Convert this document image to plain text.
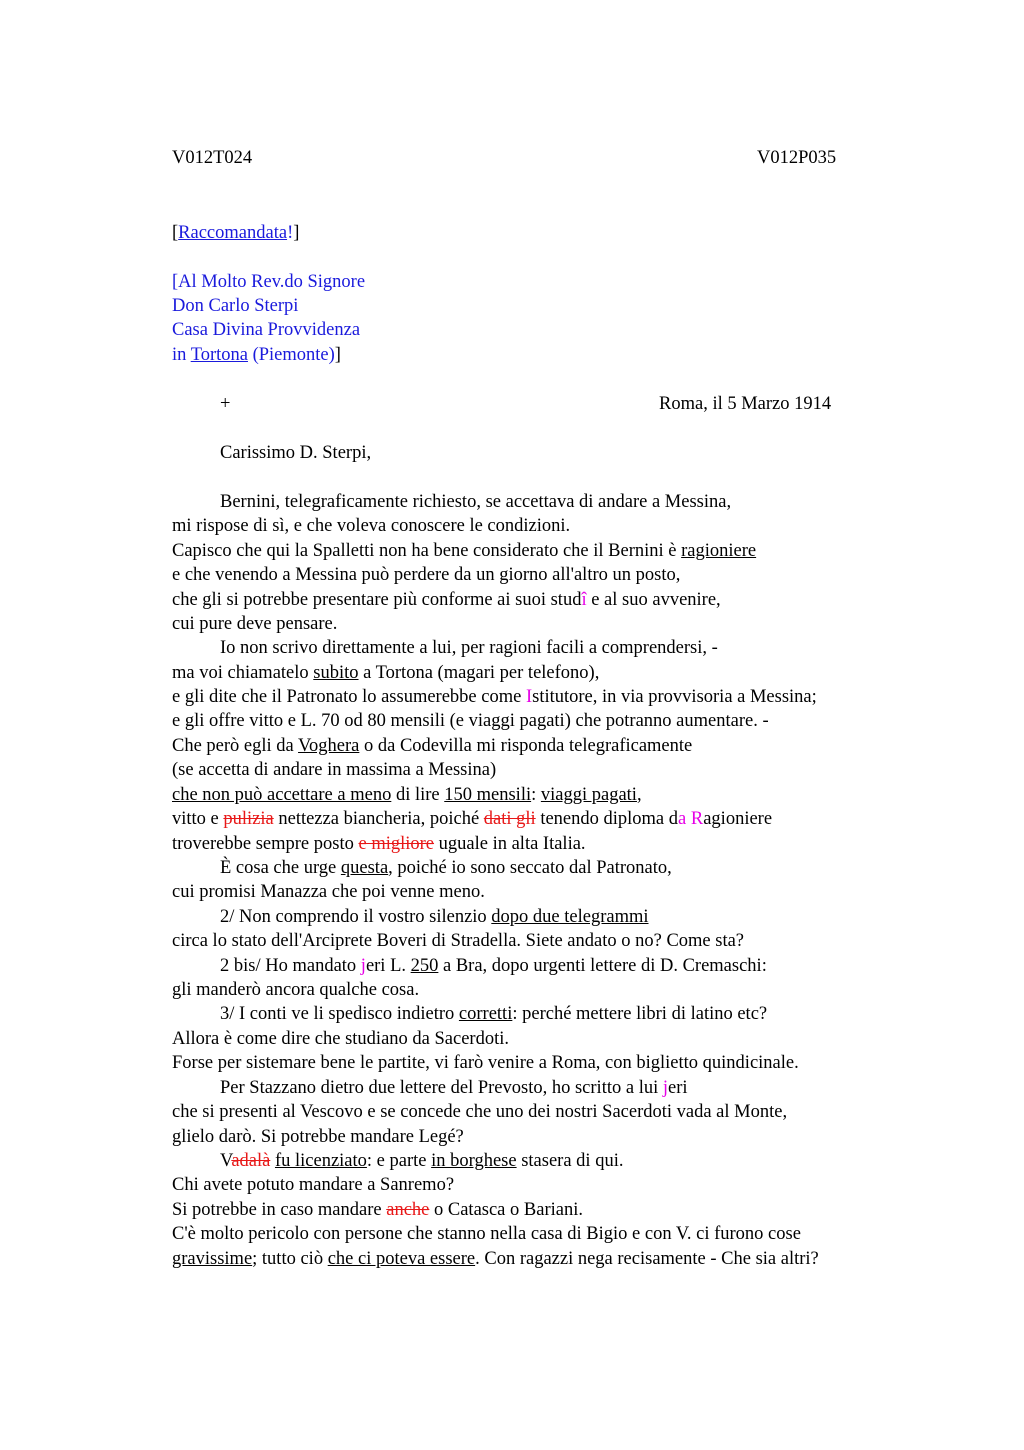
V012T024	V012P035
[Raccomandata!]
[Al Molto Rev.do Signore
Don Carlo Sterpi
Casa Divina Provvidenza
in Tortona (Piemonte)]
+	Roma, il 5 Marzo 1914
Carissimo D. Sterpi,
Bernini, telegraficamente richiesto, se accettava di andare a Messina,
mi rispose di sì, e che voleva conoscere le condizioni.
Capisco che qui la Spalletti non ha bene considerato che il Bernini è ragioniere
e che venendo a Messina può perdere da un giorno all'altro un posto,
che gli si potrebbe presentare più conforme ai suoi studî e al suo avvenire,
cui pure deve pensare.
Io non scrivo direttamente a lui, per ragioni facili a comprendersi, -
ma voi chiamatelo subito a Tortona (magari per telefono),
e gli dite che il Patronato lo assumerebbe come Istitutore, in via provvisoria a Messina;
e gli offre vitto e L. 70 od 80 mensili (e viaggi pagati) che potranno aumentare. -
Che però egli da Voghera o da Codevilla mi risponda telegraficamente
(se accetta di andare in massima a Messina)
che non può accettare a meno di lire 150 mensili: viaggi pagati,
vitto e pulizia nettezza biancheria, poiché dati gli tenendo diploma da Ragioniere
troverebbe sempre posto e migliore uguale in alta Italia.
È cosa che urge questa, poiché io sono seccato dal Patronato,
cui promisi Manazza che poi venne meno.
2/ Non comprendo il vostro silenzio dopo due telegrammi
circa lo stato dell'Arciprete Boveri di Stradella. Siete andato o no? Come sta?
2 bis/ Ho mandato jeri L. 250 a Bra, dopo urgenti lettere di D. Cremaschi:
gli manderò ancora qualche cosa.
3/ I conti ve li spedisco indietro corretti: perché mettere libri di latino etc?
Allora è come dire che studiano da Sacerdoti.
Forse per sistemare bene le partite, vi farò venire a Roma, con biglietto quindicinale.
Per Stazzano dietro due lettere del Prevosto, ho scritto a lui jeri
che si presenti al Vescovo e se concede che uno dei nostri Sacerdoti vada al Monte,
glielo darò. Si potrebbe mandare Legé?
Vadalà fu licenziato: e parte in borghese stasera di qui.
Chi avete potuto mandare a Sanremo?
Si potrebbe in caso mandare anche o Catasca o Bariani.
C'è molto pericolo con persone che stanno nella casa di Bigio e con V. ci furono cose
gravissime; tutto ciò che ci poteva essere. Con ragazzi nega recisamente - Che sia altri?
